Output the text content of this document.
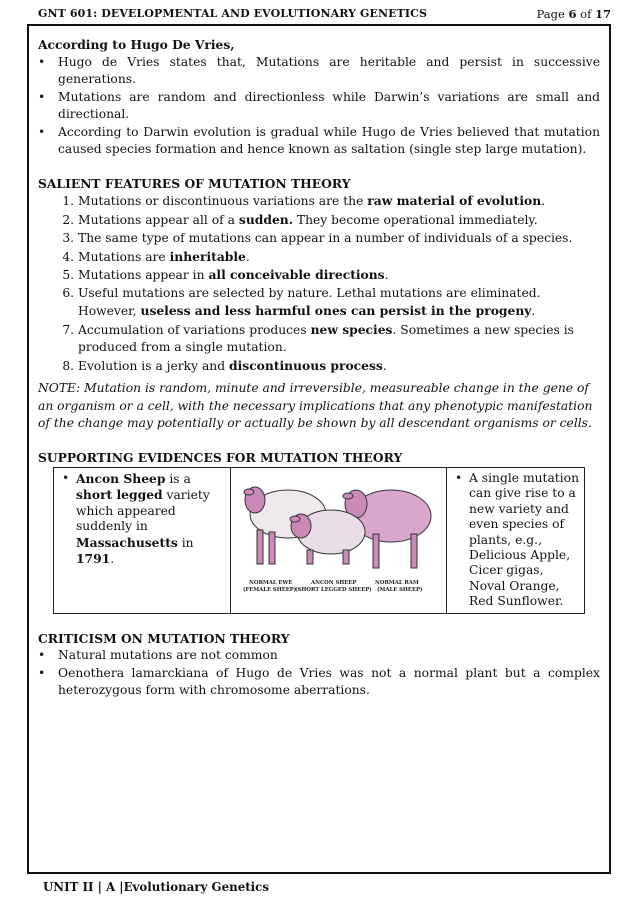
GNT 601: DEVELOPMENTAL AND EVOLUTIONARY GENETICS	Page 6 of 17
According to Hugo De Vries,
• Hugo de Vries states that, Mutations are heritable and persist in successive generations.
• Mutations are random and directionless while Darwin’s variations are small and directional.
• According to Darwin evolution is gradual while Hugo de Vries believed that mutation caused species formation and hence known as saltation (single step large mutation).
SALIENT FEATURES OF MUTATION THEORY
1. Mutations or discontinuous variations are the raw material of evolution.
2. Mutations appear all of a sudden. They become operational immediately.
3. The same type of mutations can appear in a number of individuals of a species.
4. Mutations are inheritable.
5. Mutations appear in all conceivable directions.
6. Useful mutations are selected by nature. Lethal mutations are eliminated. However, useless and less harmful ones can persist in the progeny.
7. Accumulation of variations produces new species. Sometimes a new species is produced from a single mutation.
8. Evolution is a jerky and discontinuous process.

NOTE: Mutation is random, minute and irreversible, measureable change in the gene of an organism or a cell, with the necessary implications that any phenotypic manifestation of the change may potentially or actually be shown by all descendant organisms or cells.

SUPPORTING EVIDENCES FOR MUTATION THEORY
• Ancon Sheep is a short legged variety which appeared suddenly in Massachusetts in 1791.	
NORMAL EWE
(FEMALE SHEEP)
ANCON SHEEP
(SHORT LEGGED SHEEP)
NORMAL RAM
(MALE SHEEP)

• A single mutation can give rise to a new variety and even species of plants, e.g., Delicious Apple, Cicer gigas, Noval Orange, Red Sunflower.
CRITICISM ON MUTATION THEORY
• Natural mutations are not common
• Oenothera lamarckiana of Hugo de Vries was not a normal plant but a complex heterozygous form with chromosome aberrations.
UNIT II | A |Evolutionary Genetics
